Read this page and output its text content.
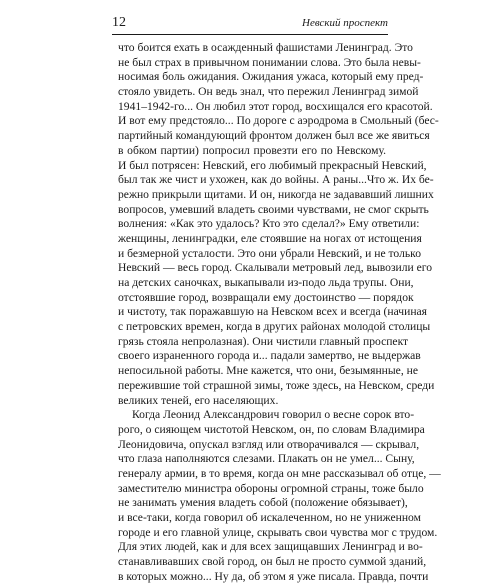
12	Невский проспект
что боится ехать в осажденный фашистами Ленинград. Это
не был страх в привычном понимании слова. Это была невы-
носимая боль ожидания. Ожидания ужаса, который ему пред-
стояло увидеть. Он ведь знал, что пережил Ленинград зимой
1941–1942-го... Он любил этот город, восхищался его красотой.
И вот ему предстояло... По дороге с аэродрома в Смольный (бес-
партийный командующий фронтом должен был все же явиться
в обком партии) попросил провезти его по Невскому.
И был потрясен: Невский, его любимый прекрасный Невский,
был так же чист и ухожен, как до войны. А раны...Что ж. Их бе-
режно прикрыли щитами. И он, никогда не задававший лишних
вопросов, умевший владеть своими чувствами, не смог скрыть
волнения: «Как это удалось? Кто это сделал?» Ему ответили:
женщины, ленинградки, еле стоявшие на ногах от истощения
и безмерной усталости. Это они убрали Невский, и не только
Невский — весь город. Скалывали метровый лед, вывозили его
на детских саночках, выкапывали из-подо льда трупы. Они,
отстоявшие город, возвращали ему достоинство — порядок
и чистоту, так поражавшую на Невском всех и всегда (начиная
с петровских времен, когда в других районах молодой столицы
грязь стояла непролазная). Они чистили главный проспект
своего израненного города и... падали замертво, не выдержав
непосильной работы. Мне кажется, что они, безымянные, не
пережившие той страшной зимы, тоже здесь, на Невском, среди
великих теней, его населяющих.
Когда Леонид Александрович говорил о весне сорок вто-
рого, о сияющем чистотой Невском, он, по словам Владимира
Леонидовича, опускал взгляд или отворачивался — скрывал,
что глаза наполняются слезами. Плакать он не умел... Сыну,
генералу армии, в то время, когда он мне рассказывал об отце, —
заместителю министра обороны огромной страны, тоже было
не занимать умения владеть собой (положение обязывает),
и все-таки, когда говорил об искалеченном, но не униженном
городе и его главной улице, скрывать свои чувства мог с трудом.
Для этих людей, как и для всех защищавших Ленинград и во-
станавливавших свой город, он был не просто суммой зданий,
в которых можно... Ну да, об этом я уже писала. Правда, почти
